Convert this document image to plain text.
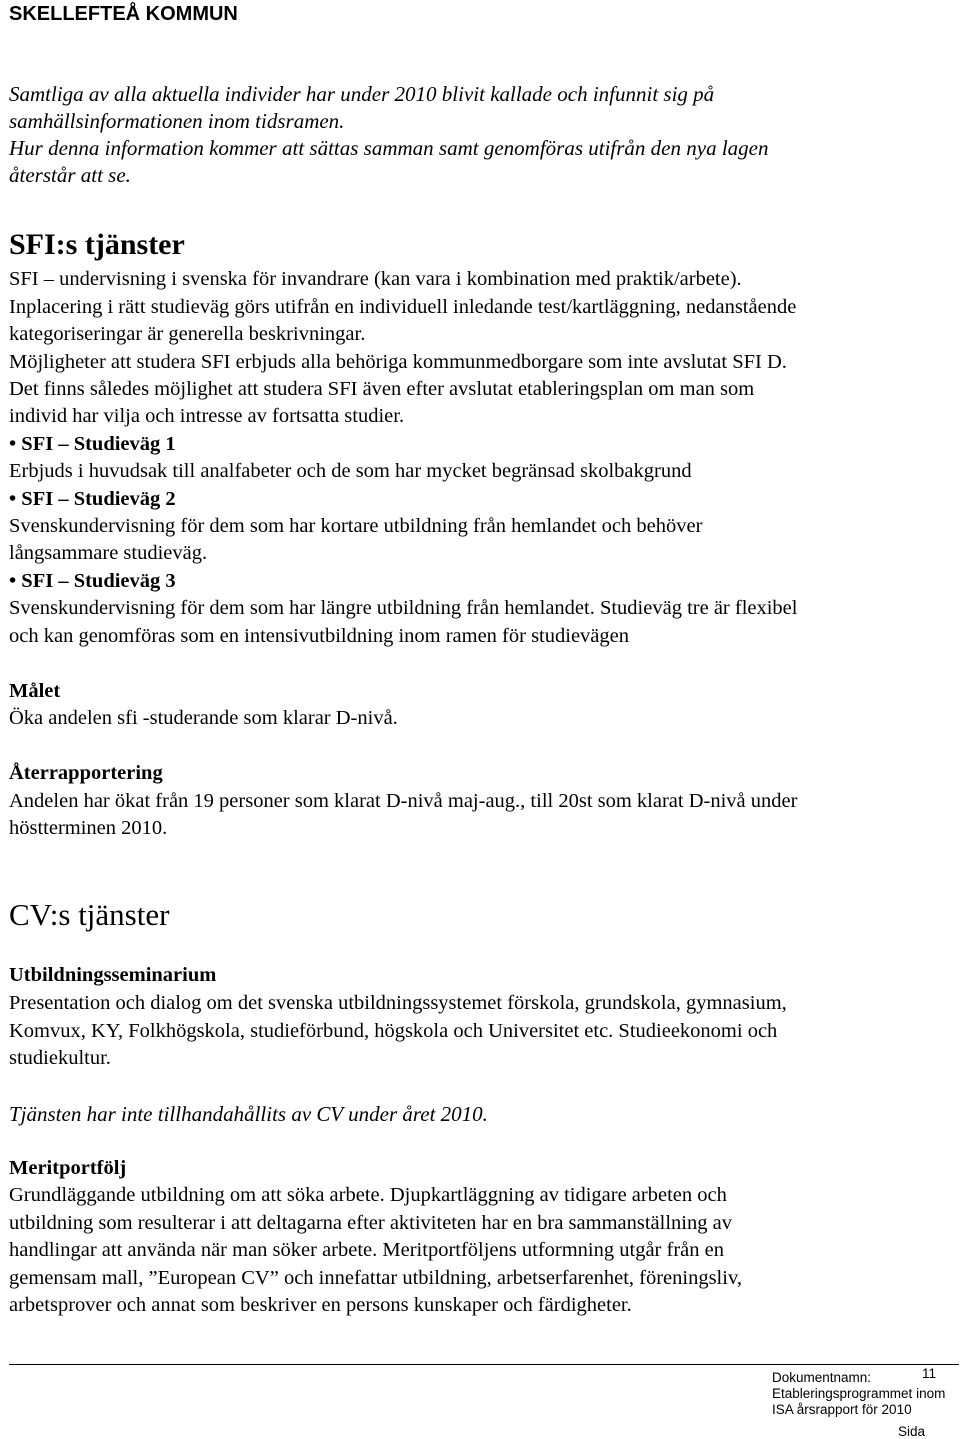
SKELLEFTEÅ KOMMUN
Samtliga av alla aktuella individer har under 2010 blivit kallade och infunnit sig på
samhällsinformationen inom tidsramen.
Hur denna information kommer att sättas samman samt genomföras utifrån den nya lagen
återstår att se.
SFI:s tjänster
SFI – undervisning i svenska för invandrare (kan vara i kombination med praktik/arbete).
Inplacering i rätt studieväg görs utifrån en individuell inledande test/kartläggning, nedanstående
kategoriseringar är generella beskrivningar.
Möjligheter att studera SFI erbjuds alla behöriga kommunmedborgare som inte avslutat SFI D.
Det finns således möjlighet att studera SFI även efter avslutat etableringsplan om man som
individ har vilja och intresse av fortsatta studier.
• SFI – Studieväg 1
Erbjuds i huvudsak till analfabeter och de som har mycket begränsad skolbakgrund
• SFI – Studieväg 2
Svenskundervisning för dem som har kortare utbildning från hemlandet och behöver
långsammare studieväg.
• SFI – Studieväg 3
Svenskundervisning för dem som har längre utbildning från hemlandet. Studieväg tre är flexibel
och kan genomföras som en intensivutbildning inom ramen för studievägen
Målet
Öka andelen sfi -studerande som klarar D-nivå.
Återrapportering
Andelen har ökat från 19 personer som klarat D-nivå maj-aug., till 20st som klarat D-nivå under
höstterminen 2010.
CV:s tjänster
Utbildningsseminarium
Presentation och dialog om det svenska utbildningssystemet förskola, grundskola, gymnasium,
Komvux, KY, Folkhögskola, studieförbund, högskola och Universitet etc. Studieekonomi och
studiekultur.
Tjänsten har inte tillhandahållits av CV under året 2010.
Meritportfölj
Grundläggande utbildning om att söka arbete. Djupkartläggning av tidigare arbeten och
utbildning som resulterar i att deltagarna efter aktiviteten har en bra sammanställning av
handlingar att använda när man söker arbete. Meritportföljens utformning utgår från en
gemensam mall, ”European CV” och innefattar utbildning, arbetserfarenhet, föreningsliv,
arbetsprover och annat som beskriver en persons kunskaper och färdigheter.
Dokumentnamn:
Etableringsprogrammet inom
ISA årsrapport för 2010
11
Sida
